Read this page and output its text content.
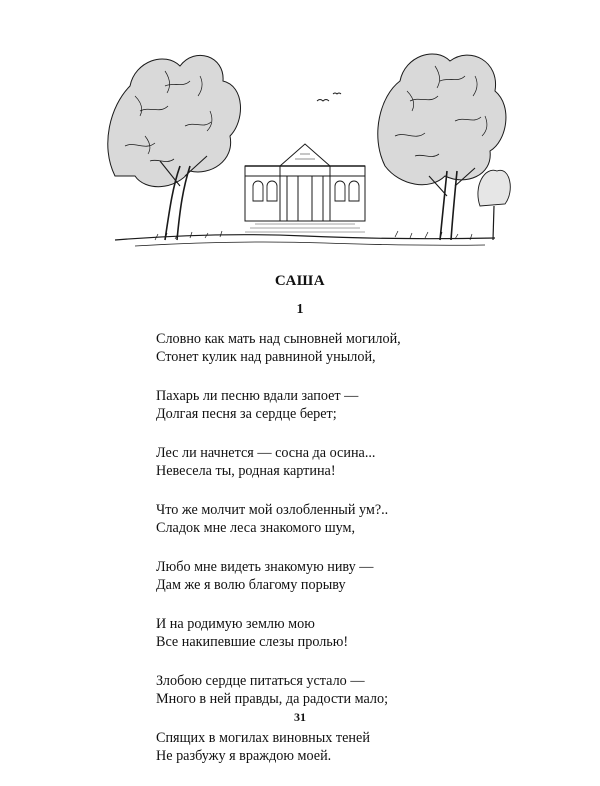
САША
1

Словно как мать над сыновней могилой,
Стонет кулик над равниной унылой,

Пахарь ли песню вдали запоет —
Долгая песня за сердце берет;

Лес ли начнется — сосна да осина...
Невесела ты, родная картина!

Что же молчит мой озлобленный ум?..
Сладок мне леса знакомого шум,

Любо мне видеть знакомую ниву —
Дам же я волю благому порыву

И на родимую землю мою
Все накипевшие слезы пролью!

Злобою сердце питаться устало —
Много в ней правды, да радости мало;

Спящих в могилах виновных теней
Не разбужу я враждою моей.

31
